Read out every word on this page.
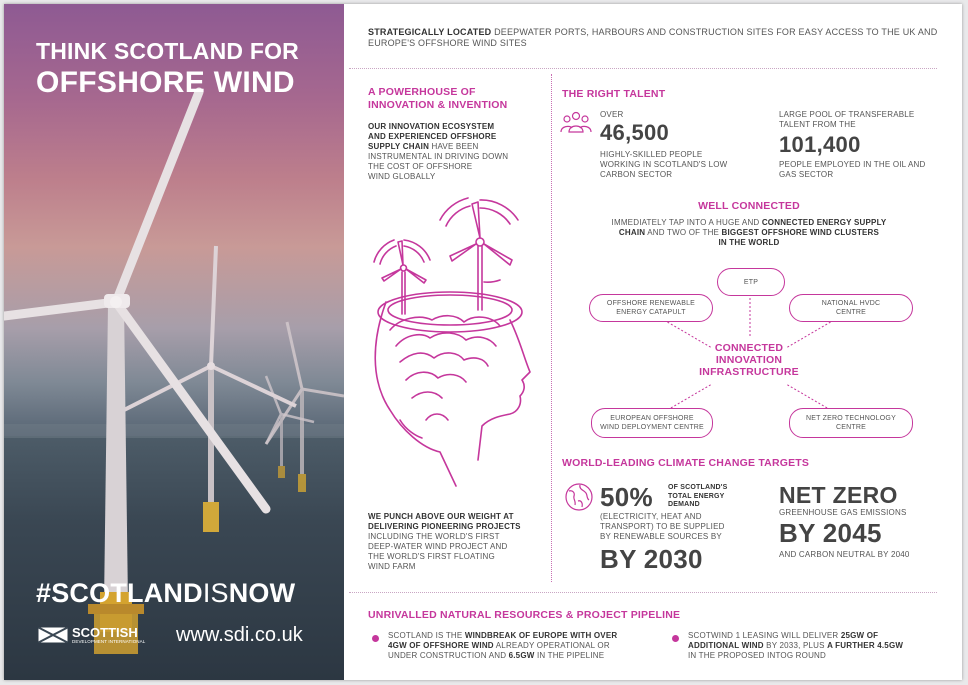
THINK SCOTLAND FOR
OFFSHORE WIND
#SCOTLANDISNOW
SCOTTISH
DEVELOPMENT INTERNATIONAL www.sdi.co.uk
STRATEGICALLY LOCATED DEEPWATER PORTS, HARBOURS AND CONSTRUCTION SITES FOR EASY ACCESS TO THE UK AND EUROPE'S OFFSHORE WIND SITES
A POWERHOUSE OF
INNOVATION & INVENTION
OUR INNOVATION ECOSYSTEM
AND EXPERIENCED OFFSHORE
SUPPLY CHAIN HAVE BEEN
INSTRUMENTAL IN DRIVING DOWN
THE COST OF OFFSHORE
WIND GLOBALLY
WE PUNCH ABOVE OUR WEIGHT AT
DELIVERING PIONEERING PROJECTS
INCLUDING THE WORLD'S FIRST
DEEP-WATER WIND PROJECT AND
THE WORLD'S FIRST FLOATING
WIND FARM
THE RIGHT TALENT
OVER
46,500
HIGHLY-SKILLED PEOPLE
WORKING IN SCOTLAND'S LOW
CARBON SECTOR
LARGE POOL OF TRANSFERABLE
TALENT FROM THE
101,400
PEOPLE EMPLOYED IN THE OIL AND
GAS SECTOR
WELL CONNECTED
IMMEDIATELY TAP INTO A HUGE AND CONNECTED ENERGY SUPPLY
CHAIN AND TWO OF THE BIGGEST OFFSHORE WIND CLUSTERS
IN THE WORLD
ETP
OFFSHORE RENEWABLE
ENERGY CATAPULT
NATIONAL HVDC
CENTRE
CONNECTED
INNOVATION
INFRASTRUCTURE
EUROPEAN OFFSHORE
WIND DEPLOYMENT CENTRE
NET ZERO TECHNOLOGY
CENTRE
WORLD-LEADING CLIMATE CHANGE TARGETS
50% OF SCOTLAND'S
TOTAL ENERGY
DEMAND
(ELECTRICITY, HEAT AND
TRANSPORT) TO BE SUPPLIED
BY RENEWABLE SOURCES BY
BY 2030
NET ZERO
GREENHOUSE GAS EMISSIONS
BY 2045
AND CARBON NEUTRAL BY 2040
UNRIVALLED NATURAL RESOURCES & PROJECT PIPELINE
SCOTLAND IS THE WINDBREAK OF EUROPE WITH OVER
4GW OF OFFSHORE WIND ALREADY OPERATIONAL OR
UNDER CONSTRUCTION AND 6.5GW IN THE PIPELINE
SCOTWIND 1 LEASING WILL DELIVER 25GW OF
ADDITIONAL WIND BY 2033, PLUS A FURTHER 4.5GW
IN THE PROPOSED INTOG ROUND
